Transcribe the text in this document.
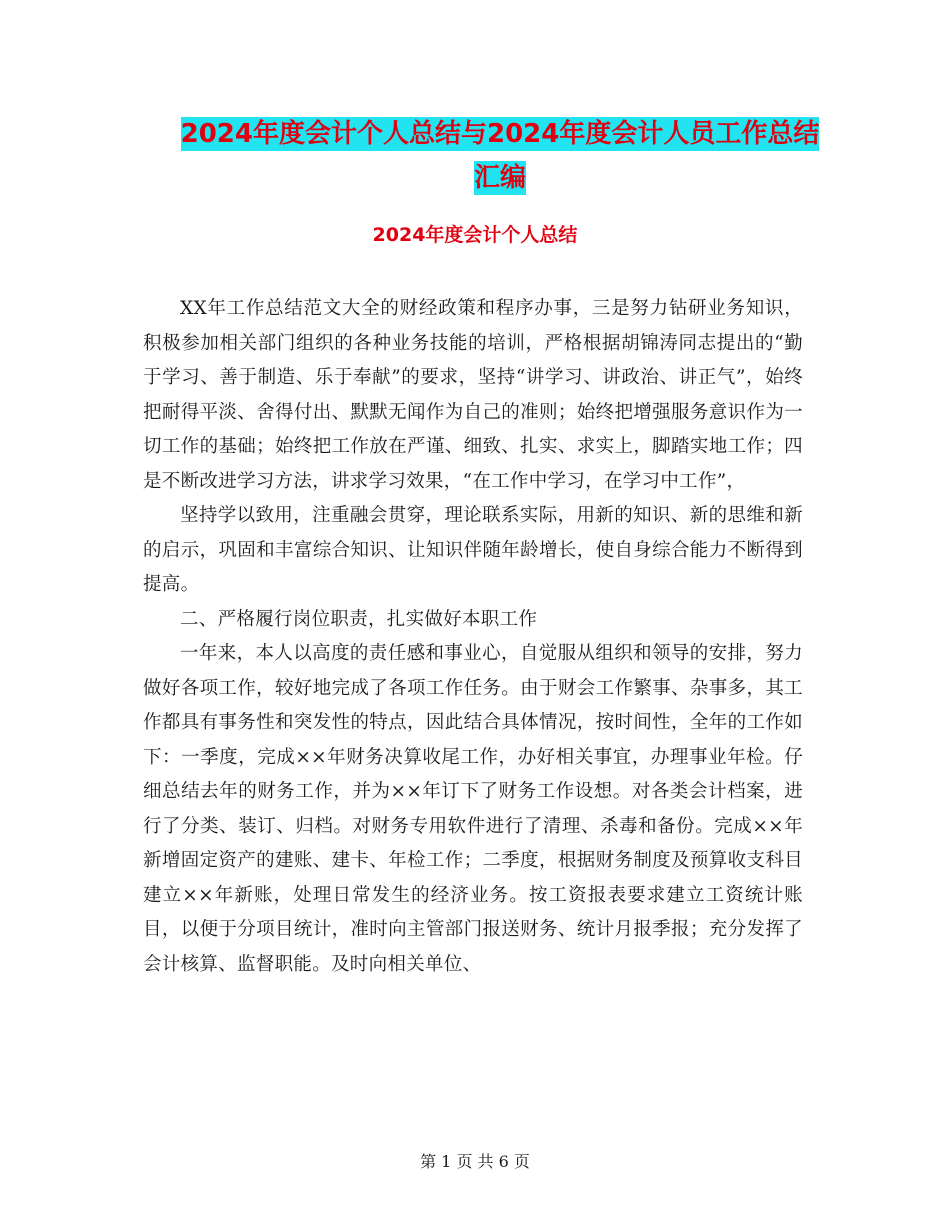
2024年度会计个人总结与2024年度会计人员工作总结
汇编
2024年度会计个人总结

XX年工作总结范文大全的财经政策和程序办事，三是努力钻研业务知识，积极参加相关部门组织的各种业务技能的培训，严格根据胡锦涛同志提出的“勤于学习、善于制造、乐于奉献”的要求，坚持“讲学习、讲政治、讲正气”，始终把耐得平淡、舍得付出、默默无闻作为自己的准则；始终把增强服务意识作为一切工作的基础；始终把工作放在严谨、细致、扎实、求实上，脚踏实地工作；四是不断改进学习方法，讲求学习效果，“在工作中学习，在学习中工作”，

坚持学以致用，注重融会贯穿，理论联系实际，用新的知识、新的思维和新的启示，巩固和丰富综合知识、让知识伴随年龄增长，使自身综合能力不断得到提高。

二、严格履行岗位职责，扎实做好本职工作

一年来，本人以高度的责任感和事业心，自觉服从组织和领导的安排，努力做好各项工作，较好地完成了各项工作任务。由于财会工作繁事、杂事多，其工作都具有事务性和突发性的特点，因此结合具体情况，按时间性，全年的工作如下：一季度，完成××年财务决算收尾工作，办好相关事宜，办理事业年检。仔细总结去年的财务工作，并为××年订下了财务工作设想。对各类会计档案，进行了分类、装订、归档。对财务专用软件进行了清理、杀毒和备份。完成××年新增固定资产的建账、建卡、年检工作；二季度，根据财务制度及预算收支科目建立××年新账，处理日常发生的经济业务。按工资报表要求建立工资统计账目，以便于分项目统计，准时向主管部门报送财务、统计月报季报；充分发挥了会计核算、监督职能。及时向相关单位、

第 1 页 共 6 页
